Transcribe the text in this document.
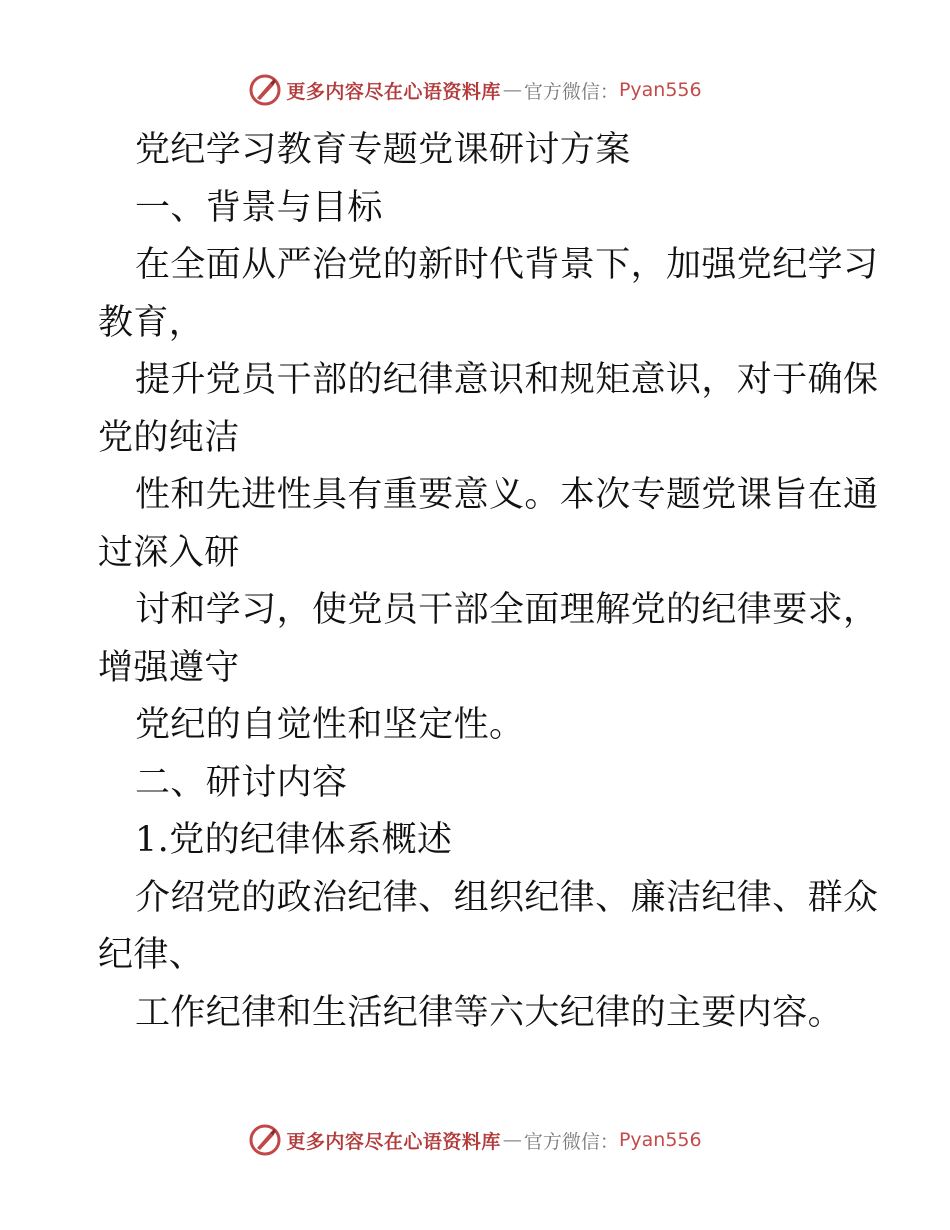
更多内容尽在心语资料库 — 官方微信： Pyan556
党纪学习教育专题党课研讨方案
一、背景与目标
在全面从严治党的新时代背景下，加强党纪学习
教育，
提升党员干部的纪律意识和规矩意识，对于确保
党的纯洁
性和先进性具有重要意义。本次专题党课旨在通
过深入研
讨和学习，使党员干部全面理解党的纪律要求，
增强遵守
党纪的自觉性和坚定性。
二、研讨内容
1.党的纪律体系概述
介绍党的政治纪律、组织纪律、廉洁纪律、群众
纪律、
工作纪律和生活纪律等六大纪律的主要内容。
更多内容尽在心语资料库 — 官方微信： Pyan556
